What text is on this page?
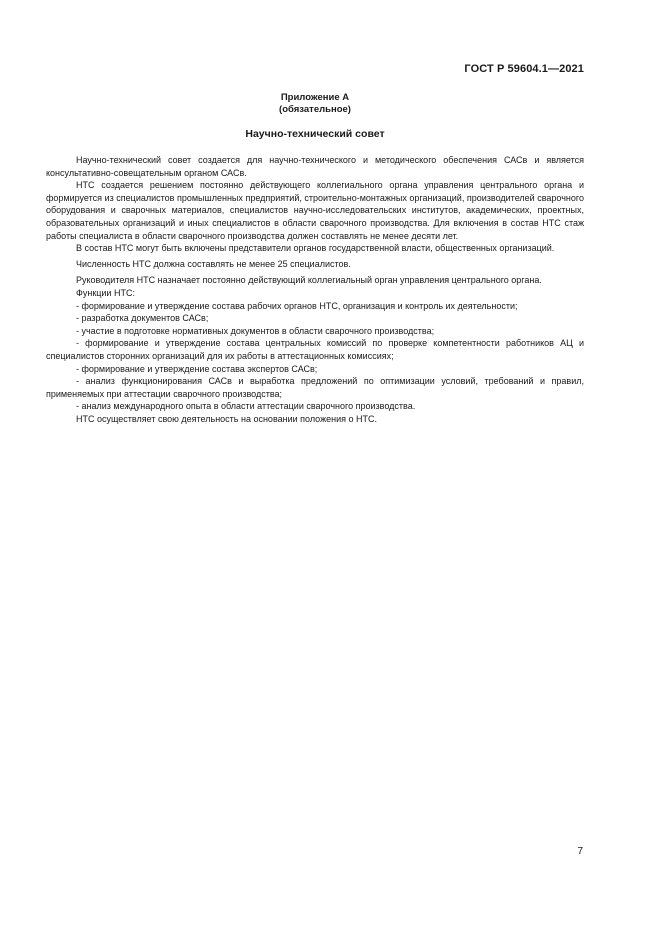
ГОСТ Р 59604.1—2021
Приложение А
(обязательное)
Научно-технический совет

Научно-технический совет создается для научно-технического и методического обеспечения САСв и является консультативно-совещательным органом САСв.

НТС создается решением постоянно действующего коллегиального органа управления центрального органа и формируется из специалистов промышленных предприятий, строительно-монтажных организаций, производителей сварочного оборудования и сварочных материалов, специалистов научно-исследовательских институтов, академических, проектных, образовательных организаций и иных специалистов в области сварочного производства. Для включения в состав НТС стаж работы специалиста в области сварочного производства должен составлять не менее десяти лет.

В состав НТС могут быть включены представители органов государственной власти, общественных организаций.

Численность НТС должна составлять не менее 25 специалистов.

Руководителя НТС назначает постоянно действующий коллегиальный орган управления центрального органа.

Функции НТС:

- формирование и утверждение состава рабочих органов НТС, организация и контроль их деятельности;

- разработка документов САСв;

- участие в подготовке нормативных документов в области сварочного производства;

- формирование и утверждение состава центральных комиссий по проверке компетентности работников АЦ и специалистов сторонних организаций для их работы в аттестационных комиссиях;

- формирование и утверждение состава экспертов САСв;

- анализ функционирования САСв и выработка предложений по оптимизации условий, требований и правил, применяемых при аттестации сварочного производства;

- анализ международного опыта в области аттестации сварочного производства.

НТС осуществляет свою деятельность на основании положения о НТС.

7
